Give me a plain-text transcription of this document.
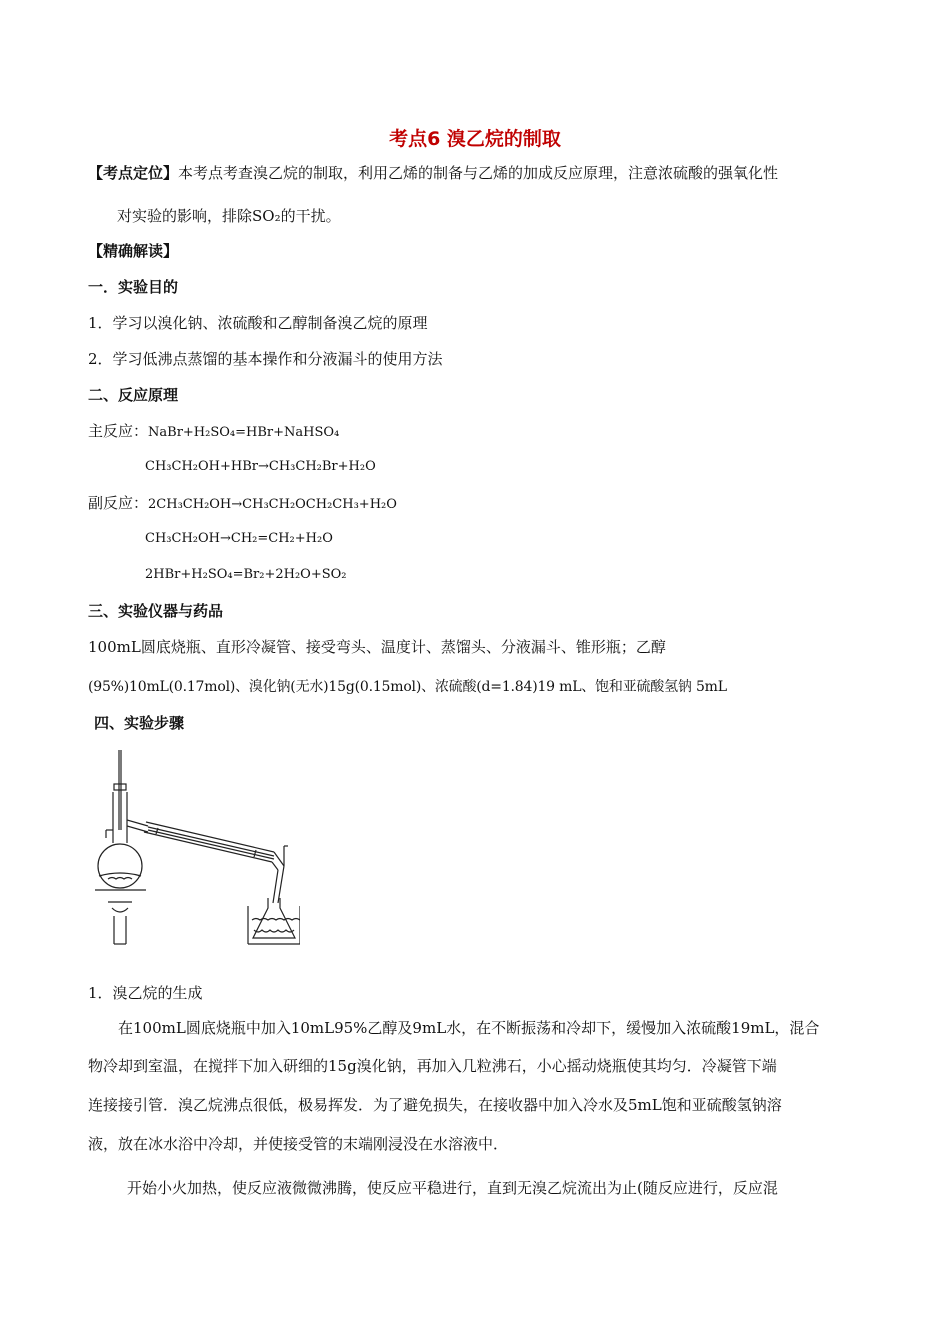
考点6 溴乙烷的制取
【考点定位】本考点考查溴乙烷的制取，利用乙烯的制备与乙烯的加成反应原理，注意浓硫酸的强氧化性
对实验的影响，排除SO₂的干扰。
【精确解读】
一．实验目的
1．学习以溴化钠、浓硫酸和乙醇制备溴乙烷的原理
2．学习低沸点蒸馏的基本操作和分液漏斗的使用方法
二、反应原理
主反应：NaBr+H₂SO₄=HBr+NaHSO₄
CH₃CH₂OH+HBr→CH₃CH₂Br+H₂O
副反应：2CH₃CH₂OH→CH₃CH₂OCH₂CH₃+H₂O
CH₃CH₂OH→CH₂=CH₂+H₂O
2HBr+H₂SO₄=Br₂+2H₂O+SO₂
三、实验仪器与药品
100mL圆底烧瓶、直形冷凝管、接受弯头、温度计、蒸馏头、分液漏斗、锥形瓶；乙醇
(95%)10mL(0.17mol)、溴化钠(无水)15g(0.15mol)、浓硫酸(d=1.84)19 mL、饱和亚硫酸氢钠 5mL
四、实验步骤
1．溴乙烷的生成
在100mL圆底烧瓶中加入10mL95%乙醇及9mL水，在不断振荡和冷却下，缓慢加入浓硫酸19mL，混合
物冷却到室温，在搅拌下加入研细的15g溴化钠，再加入几粒沸石，小心摇动烧瓶使其均匀．冷凝管下端
连接接引管．溴乙烷沸点很低，极易挥发．为了避免损失，在接收器中加入冷水及5mL饱和亚硫酸氢钠溶
液，放在冰水浴中冷却，并使接受管的末端刚浸没在水溶液中．
开始小火加热，使反应液微微沸腾，使反应平稳进行，直到无溴乙烷流出为止(随反应进行，反应混
